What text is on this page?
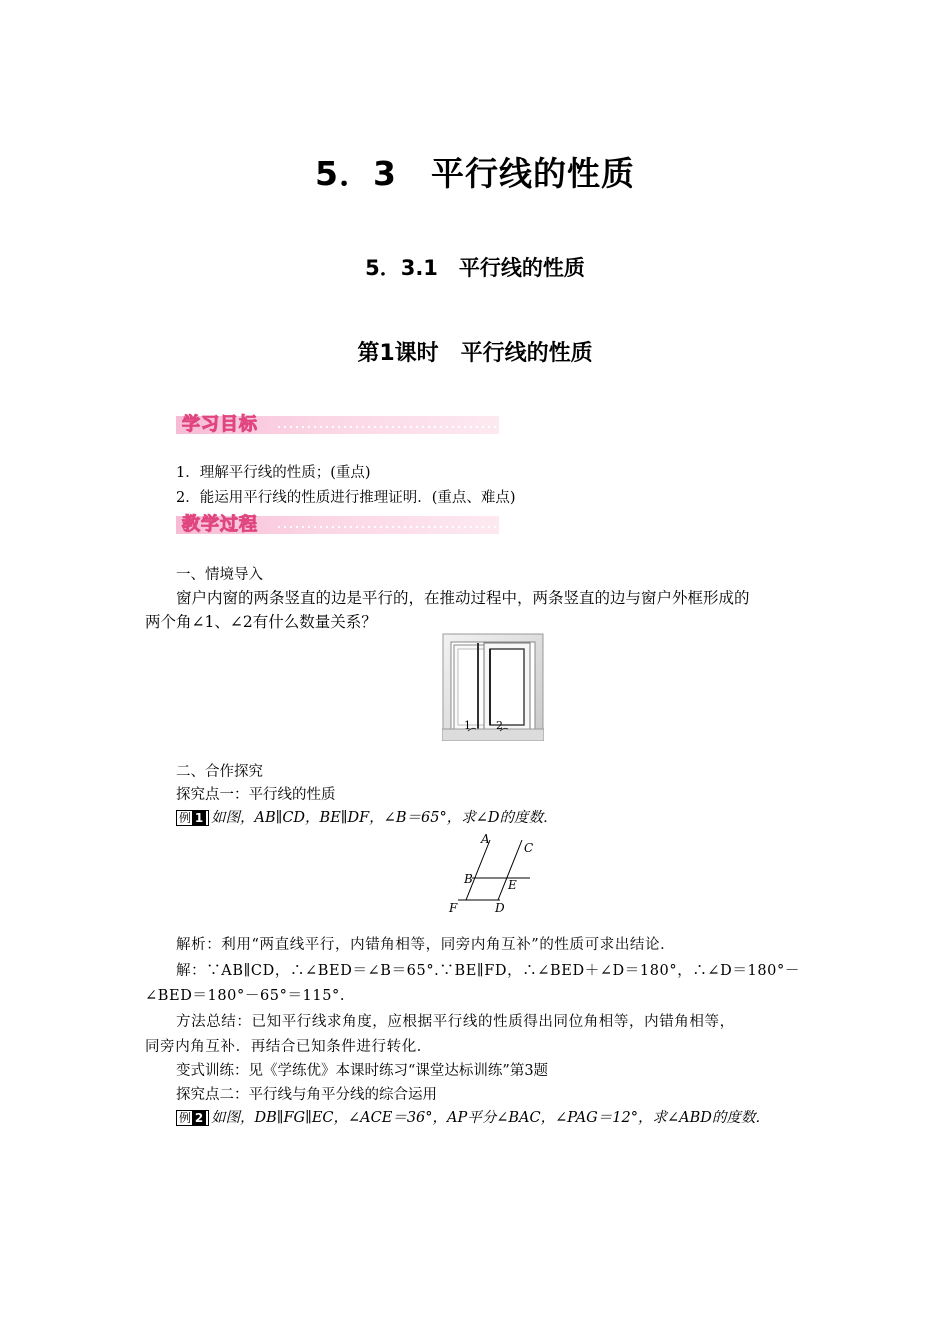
5．3　平行线的性质
5．3.1　平行线的性质
第1课时　平行线的性质
学习目标
1．理解平行线的性质；(重点)
2．能运用平行线的性质进行推理证明．(重点、难点)
教学过程
一、情境导入
窗户内窗的两条竖直的边是平行的，在推动过程中，两条竖直的边与窗户外框形成的
两个角∠1、∠2有什么数量关系？
1 2
二、合作探究
探究点一：平行线的性质
例 1 如图，AB∥CD，BE∥DF，∠B＝65°，求∠D的度数．
A
C
B	E
F	D
解析：利用“两直线平行，内错角相等，同旁内角互补”的性质可求出结论．
解：∵AB∥CD，∴∠BED＝∠B＝65°.∵BE∥FD，∴∠BED＋∠D＝180°，∴∠D＝180°－
∠BED＝180°－65°＝115°.
方法总结：已知平行线求角度，应根据平行线的性质得出同位角相等，内错角相等，
同旁内角互补．再结合已知条件进行转化．
变式训练：见《学练优》本课时练习“课堂达标训练”第3题
探究点二：平行线与角平分线的综合运用
例 2 如图，DB∥FG∥EC，∠ACE＝36°，AP平分∠BAC，∠PAG＝12°，求∠ABD的度数．
